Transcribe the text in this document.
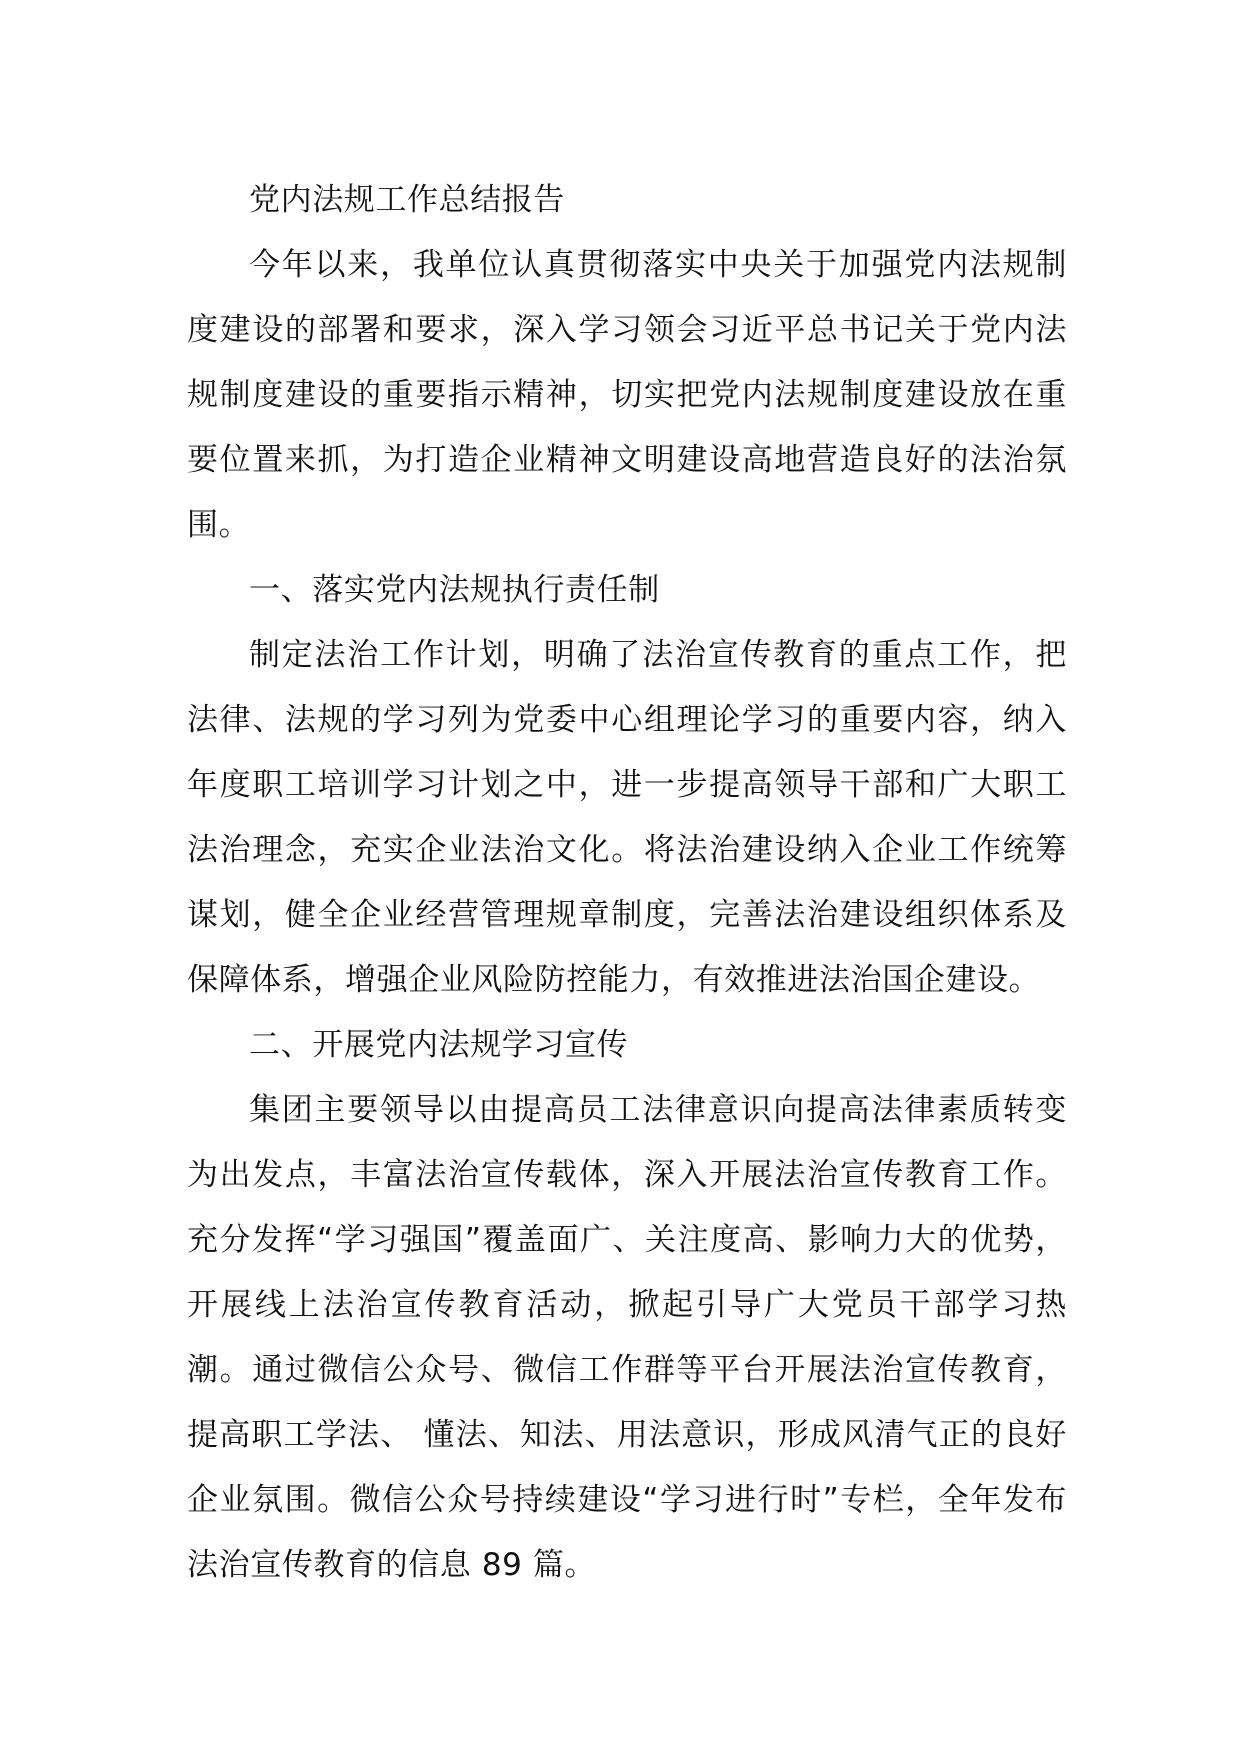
党内法规工作总结报告

今年以来，我单位认真贯彻落实中央关于加强党内法规制度建设的部署和要求，深入学习领会习近平总书记关于党内法规制度建设的重要指示精神，切实把党内法规制度建设放在重要位置来抓，为打造企业精神文明建设高地营造良好的法治氛围。

一、落实党内法规执行责任制

制定法治工作计划，明确了法治宣传教育的重点工作，把法律、法规的学习列为党委中心组理论学习的重要内容，纳入年度职工培训学习计划之中，进一步提高领导干部和广大职工法治理念，充实企业法治文化。将法治建设纳入企业工作统筹谋划，健全企业经营管理规章制度，完善法治建设组织体系及保障体系，增强企业风险防控能力，有效推进法治国企建设。

二、开展党内法规学习宣传

集团主要领导以由提高员工法律意识向提高法律素质转变为出发点，丰富法治宣传载体，深入开展法治宣传教育工作。充分发挥“学习强国”覆盖面广、关注度高、影响力大的优势，开展线上法治宣传教育活动，掀起引导广大党员干部学习热潮。通过微信公众号、微信工作群等平台开展法治宣传教育，提高职工学法、 懂法、知法、用法意识，形成风清气正的良好企业氛围。微信公众号持续建设“学习进行时”专栏，全年发布法治宣传教育的信息 89 篇。
